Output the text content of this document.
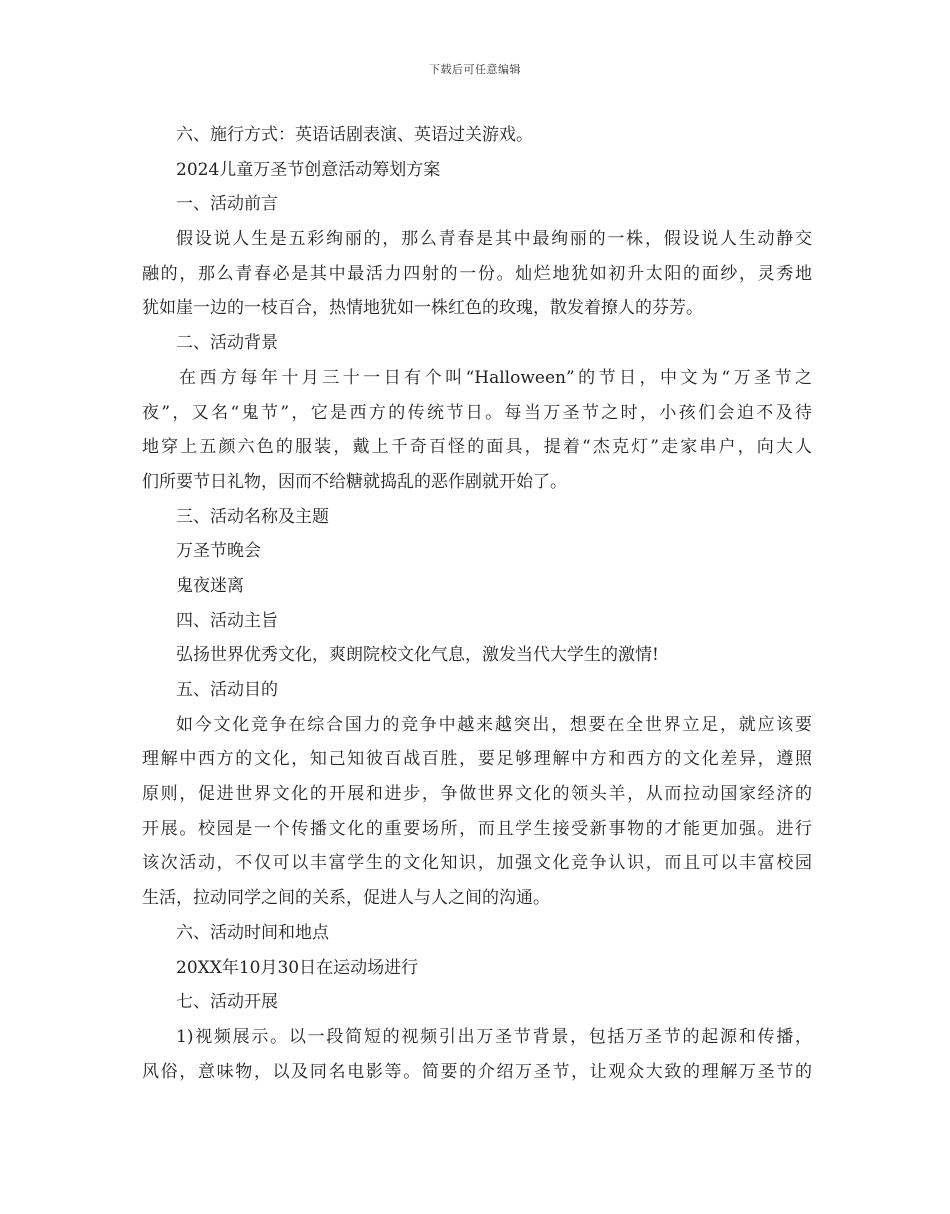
下载后可任意编辑
六、施行方式：英语话剧表演、英语过关游戏。
2024儿童万圣节创意活动筹划方案
一、活动前言
假设说人生是五彩绚丽的，那么青春是其中最绚丽的一株，假设说人生动静交
融的，那么青春必是其中最活力四射的一份。灿烂地犹如初升太阳的面纱，灵秀地
犹如崖一边的一枝百合，热情地犹如一株红色的玫瑰，散发着撩人的芬芳。
二、活动背景
在西方每年十月三十一日有个叫“Halloween”的节日，中文为“万圣节之
夜”，又名“鬼节”，它是西方的传统节日。每当万圣节之时，小孩们会迫不及待
地穿上五颜六色的服装，戴上千奇百怪的面具，提着“杰克灯”走家串户，向大人
们所要节日礼物，因而不给糖就捣乱的恶作剧就开始了。
三、活动名称及主题
万圣节晚会
鬼夜迷离
四、活动主旨
弘扬世界优秀文化，爽朗院校文化气息，激发当代大学生的激情!
五、活动目的
如今文化竞争在综合国力的竞争中越来越突出，想要在全世界立足，就应该要
理解中西方的文化，知己知彼百战百胜，要足够理解中方和西方的文化差异，遵照
原则，促进世界文化的开展和进步，争做世界文化的领头羊，从而拉动国家经济的
开展。校园是一个传播文化的重要场所，而且学生接受新事物的才能更加强。进行
该次活动，不仅可以丰富学生的文化知识，加强文化竞争认识，而且可以丰富校园
生活，拉动同学之间的关系，促进人与人之间的沟通。
六、活动时间和地点
20XX年10月30日在运动场进行
七、活动开展
1)视频展示。以一段简短的视频引出万圣节背景，包括万圣节的起源和传播，
风俗，意味物，以及同名电影等。简要的介绍万圣节，让观众大致的理解万圣节的
